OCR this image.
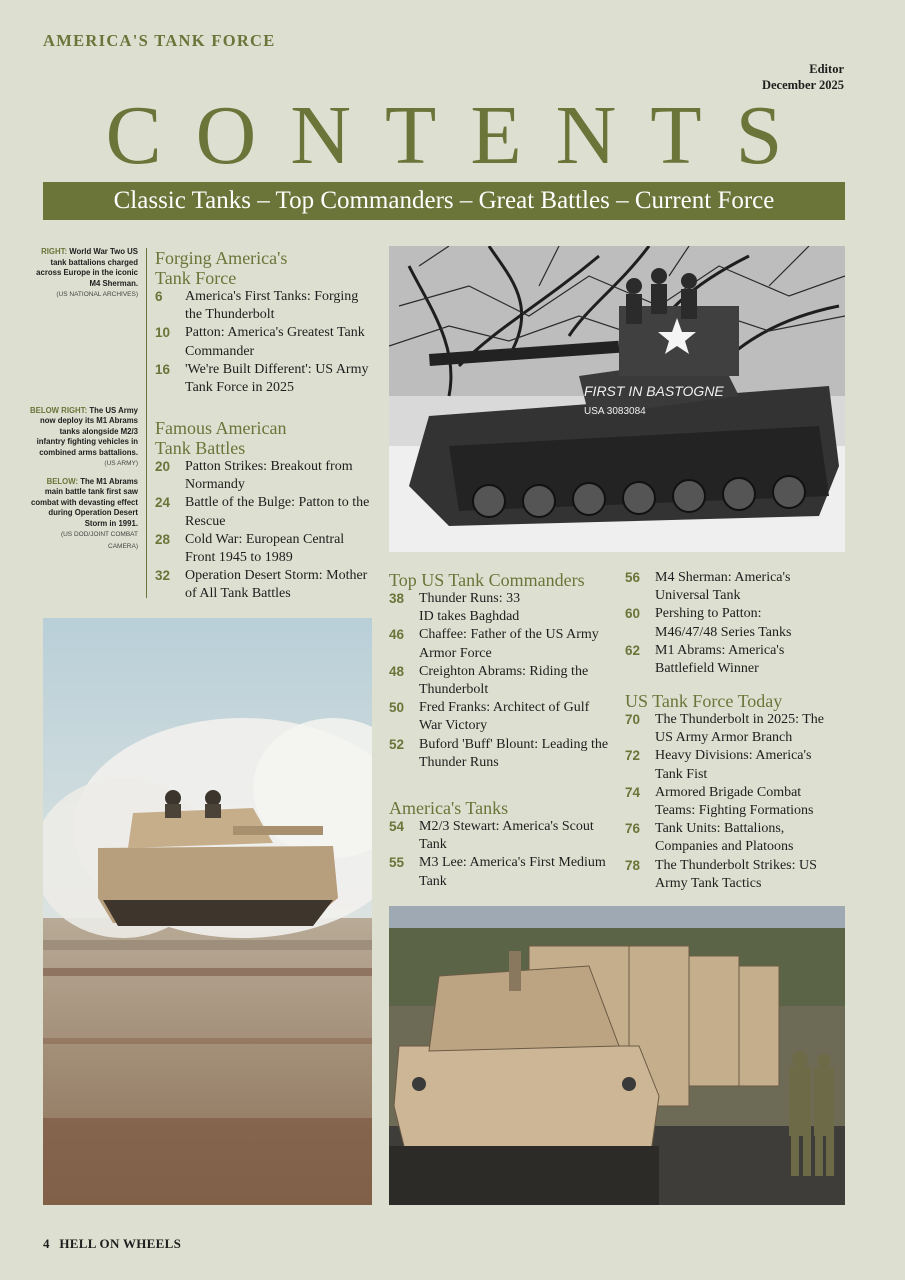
AMERICA'S TANK FORCE
Editor
December 2025
CONTENTS
Classic Tanks – Top Commanders – Great Battles – Current Force
RIGHT: World War Two US tank battalions charged across Europe in the iconic M4 Sherman.
(US NATIONAL ARCHIVES)
BELOW RIGHT: The US Army now deploy its M1 Abrams tanks alongside M2/3 infantry fighting vehicles in combined arms battalions. (US ARMY)
BELOW: The M1 Abrams main battle tank first saw combat with devasting effect during Operation Desert Storm in 1991.
(US DOD/JOINT COMBAT CAMERA)
Forging America's Tank Force
6 America's First Tanks: Forging the Thunderbolt
10 Patton: America's Greatest Tank Commander
16 'We're Built Different': US Army Tank Force in 2025
Famous American Tank Battles
20 Patton Strikes: Breakout from Normandy
24 Battle of the Bulge: Patton to the Rescue
28 Cold War: European Central Front 1945 to 1989
32 Operation Desert Storm: Mother of All Tank Battles
Top US Tank Commanders
38 Thunder Runs: 33 ID takes Baghdad
46 Chaffee: Father of the US Army Armor Force
48 Creighton Abrams: Riding the Thunderbolt
50 Fred Franks: Architect of Gulf War Victory
52 Buford 'Buff' Blount: Leading the Thunder Runs
America's Tanks
54 M2/3 Stewart: America's Scout Tank
55 M3 Lee: America's First Medium Tank
56 M4 Sherman: America's Universal Tank
60 Pershing to Patton: M46/47/48 Series Tanks
62 M1 Abrams: America's Battlefield Winner
US Tank Force Today
70 The Thunderbolt in 2025: The US Army Armor Branch
72 Heavy Divisions: America's Tank Fist
74 Armored Brigade Combat Teams: Fighting Formations
76 Tank Units: Battalions, Companies and Platoons
78 The Thunderbolt Strikes: US Army Tank Tactics
FIRST IN BASTOGNE
USA 3083084
4 HELL ON WHEELS
